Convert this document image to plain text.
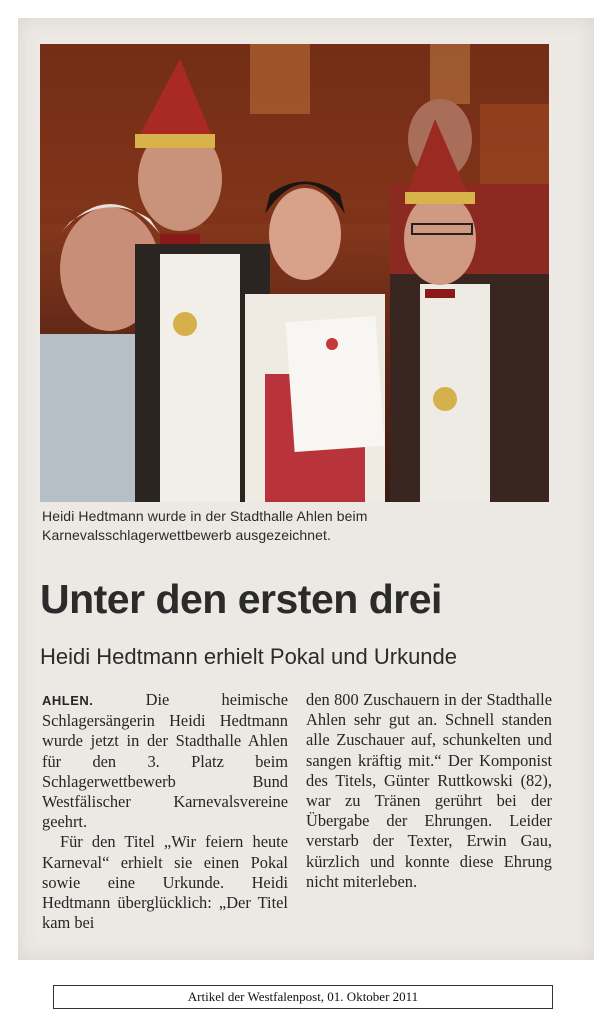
Heidi Hedtmann wurde in der Stadthalle Ahlen beim Karnevalsschlagerwettbewerb ausgezeichnet.
Unter den ersten drei
Heidi Hedtmann erhielt Pokal und Urkunde

AHLEN.	Die heimische Schlagersängerin Heidi Hedtmann wurde jetzt in der Stadthalle Ahlen für den 3. Platz beim Schlagerwettbewerb Bund Westfälischer Karnevalsvereine geehrt.

Für den Titel „Wir feiern heute Karneval“ erhielt sie einen Pokal sowie eine Urkunde. Heidi Hedtmann überglücklich: „Der Titel kam bei

den 800 Zuschauern in der Stadthalle Ahlen sehr gut an. Schnell standen alle Zuschauer auf, schunkelten und sangen kräftig mit.“ Der Komponist des Titels, Günter Ruttkowski (82), war zu Tränen gerührt bei der Übergabe der Ehrungen. Leider verstarb der Texter, Erwin Gau, kürzlich und konnte diese Ehrung nicht miterleben.

Artikel der Westfalenpost, 01. Oktober 2011
